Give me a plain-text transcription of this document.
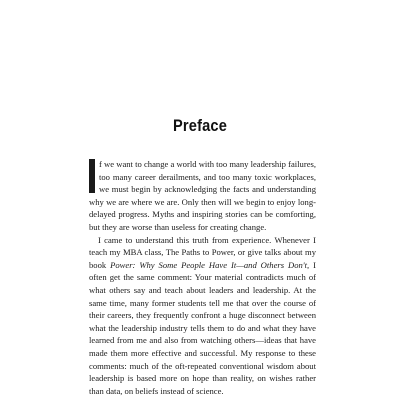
Preface
f we want to change a world with too many leadership failures,
too many career derailments, and too many toxic workplaces,
we must begin by acknowledging the facts and understanding
why we are where we are. Only then will we begin to enjoy long-
delayed progress. Myths and inspiring stories can be comforting,
but they are worse than useless for creating change.
I came to understand this truth from experience. Whenever I
teach my MBA class, The Paths to Power, or give talks about my
book Power: Why Some People Have It—and Others Don't, I
often get the same comment: Your material contradicts much of
what others say and teach about leaders and leadership. At the
same time, many former students tell me that over the course of
their careers, they frequently confront a huge disconnect between
what the leadership industry tells them to do and what they have
learned from me and also from watching others—ideas that have
made them more effective and successful. My response to these
comments: much of the oft-repeated conventional wisdom about
leadership is based more on hope than reality, on wishes rather
than data, on beliefs instead of science.
